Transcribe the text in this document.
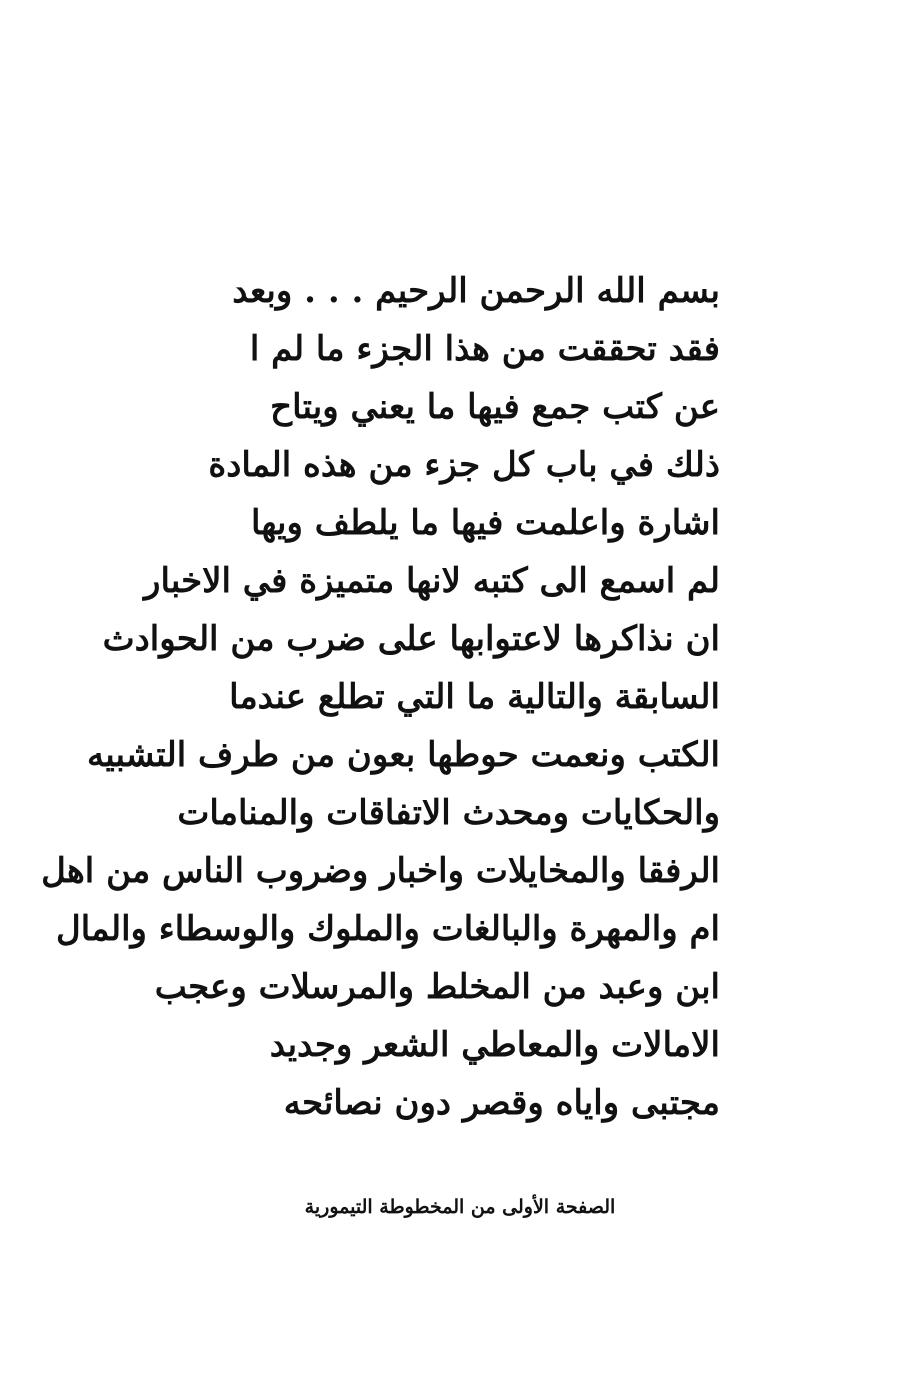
بسم الله الرحمن الرحيم . . . وبعد
فقد تحققت من هذا الجزء ما لم ا
عن كتب جمع فيها ما يعني ويتاح
ذلك في باب كل جزء من هذه المادة
اشارة واعلمت فيها ما يلطف ويها
لم اسمع الى كتبه لانها متميزة في الاخبار
ان نذاكرها لاعتوابها على ضرب من الحوادث
السابقة والتالية ما التي تطلع عندما
الكتب ونعمت حوطها بعون من طرف التشبيه
والحكايات ومحدث الاتفاقات والمنامات
الرفقا والمخايلات واخبار وضروب الناس من اهل
ام والمهرة والبالغات والملوك والوسطاء والمال
ابن وعبد من المخلط والمرسلات وعجب
الامالات والمعاطي الشعر وجديد
مجتبى واياه وقصر دون نصائحه
الصفحة الأولى من المخطوطة التيمورية
